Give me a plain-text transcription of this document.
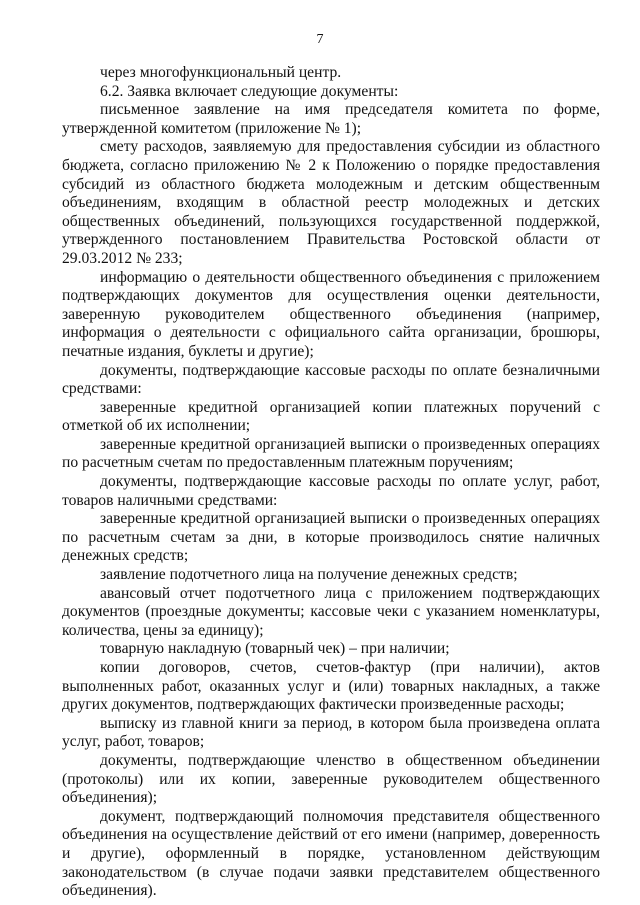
7

через многофункциональный центр.

6.2. Заявка включает следующие документы:

письменное заявление на имя председателя комитета по форме, утвержденной комитетом (приложение № 1);

смету расходов, заявляемую для предоставления субсидии из областного бюджета, согласно приложению № 2 к Положению о порядке предоставления субсидий из областного бюджета молодежным и детским общественным объединениям, входящим в областной реестр молодежных и детских общественных объединений, пользующихся государственной поддержкой, утвержденного постановлением Правительства Ростовской области от 29.03.2012 № 233;

информацию о деятельности общественного объединения с приложением подтверждающих документов для осуществления оценки деятельности, заверенную руководителем общественного объединения (например, информация о деятельности с официального сайта организации, брошюры, печатные издания, буклеты и другие);

документы, подтверждающие кассовые расходы по оплате безналичными средствами:

заверенные кредитной организацией копии платежных поручений с отметкой об их исполнении;

заверенные кредитной организацией выписки о произведенных операциях по расчетным счетам по предоставленным платежным поручениям;

документы, подтверждающие кассовые расходы по оплате услуг, работ, товаров наличными средствами:

заверенные кредитной организацией выписки о произведенных операциях по расчетным счетам за дни, в которые производилось снятие наличных денежных средств;

заявление подотчетного лица на получение денежных средств;

авансовый отчет подотчетного лица с приложением подтверждающих документов (проездные документы; кассовые чеки с указанием номенклатуры, количества, цены за единицу);

товарную накладную (товарный чек) – при наличии;

копии договоров, счетов, счетов-фактур (при наличии), актов выполненных работ, оказанных услуг и (или) товарных накладных, а также других документов, подтверждающих фактически произведенные расходы;

выписку из главной книги за период, в котором была произведена оплата услуг, работ, товаров;

документы, подтверждающие членство в общественном объединении (протоколы) или их копии, заверенные руководителем общественного объединения);

документ, подтверждающий полномочия представителя общественного объединения на осуществление действий от его имени (например, доверенность и другие), оформленный в порядке, установленном действующим законодательством (в случае подачи заявки представителем общественного объединения).
